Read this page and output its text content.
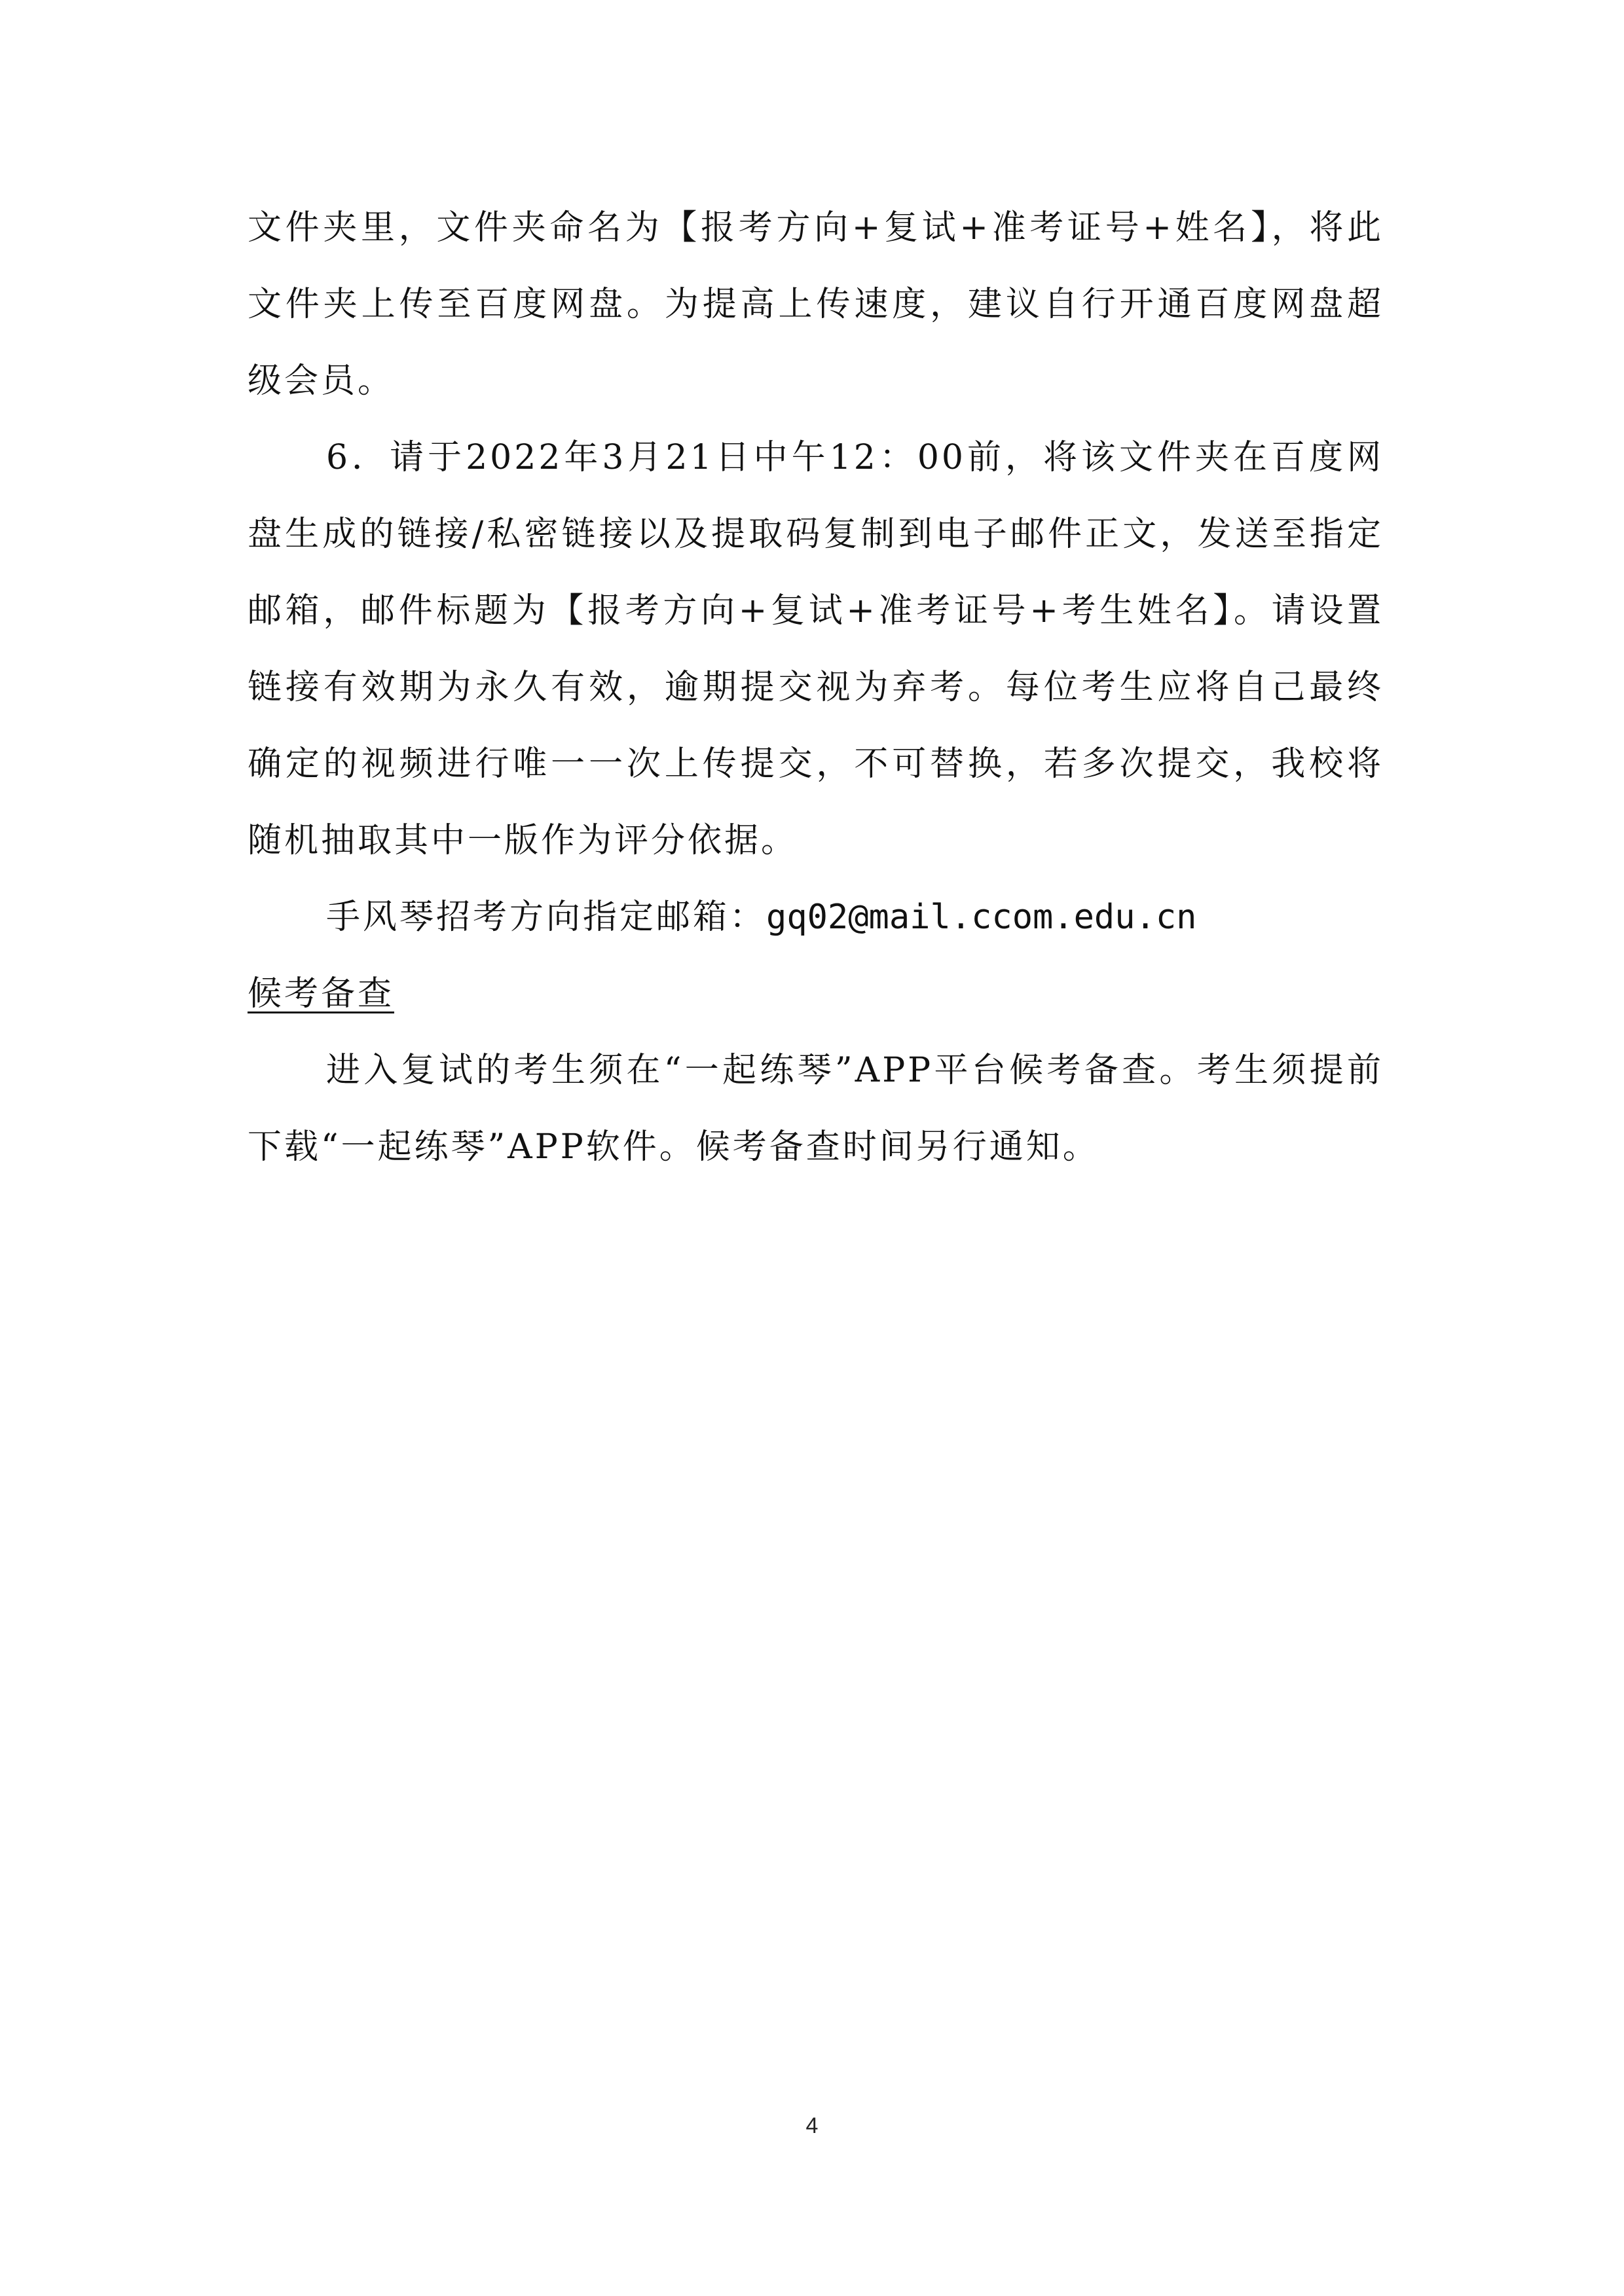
文件夹里，文件夹命名为【报考方向+复试+准考证号+姓名】，将此文件夹上传至百度网盘。为提高上传速度，建议自行开通百度网盘超级会员。

6．请于2022年3月21日中午12：00前，将该文件夹在百度网盘生成的链接/私密链接以及提取码复制到电子邮件正文，发送至指定邮箱，邮件标题为【报考方向+复试+准考证号+考生姓名】。请设置链接有效期为永久有效，逾期提交视为弃考。每位考生应将自己最终确定的视频进行唯一一次上传提交，不可替换，若多次提交，我校将随机抽取其中一版作为评分依据。

手风琴招考方向指定邮箱：gq02@mail.ccom.edu.cn

候考备查

进入复试的考生须在“一起练琴”APP平台候考备查。考生须提前下载“一起练琴”APP软件。候考备查时间另行通知。

4
